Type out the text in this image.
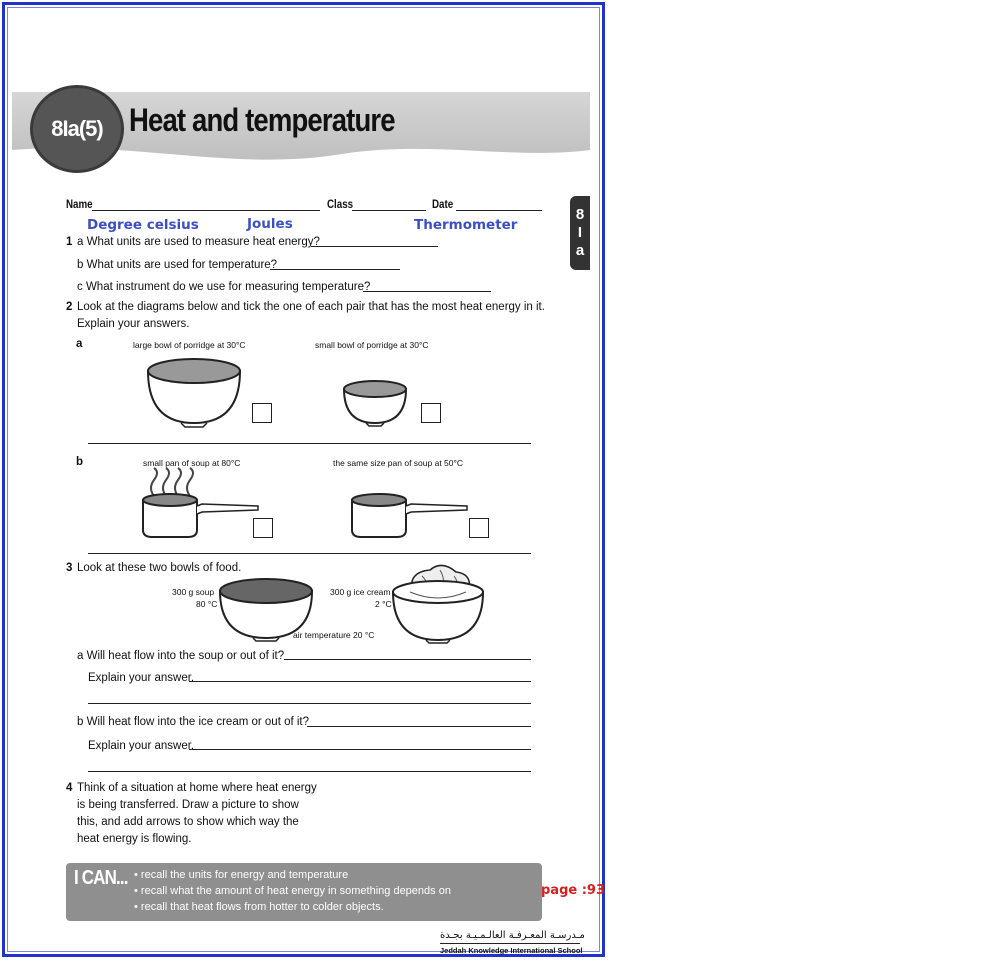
8Ia(5) Heat and temperature
8
I
a
Name	Class	Date
Degree celsius	Joules	Thermometer
1 a What units are used to measure heat energy?
b What units are used for temperature?
c What instrument do we use for measuring temperature?
2 Look at the diagrams below and tick the one of each pair that has the most heat energy in it.
Explain your answers.
a	large bowl of porridge at 30°C	small bowl of porridge at 30°C
b	small pan of soup at 80°C	the same size pan of soup at 50°C
3 Look at these two bowls of food.
300 g soup
80 °C
300 g ice cream
2 °C
air temperature 20 °C
a Will heat flow into the soup or out of it?
Explain your answer.
b Will heat flow into the ice cream or out of it?
Explain your answer.
4 Think of a situation at home where heat energy
is being transferred. Draw a picture to show
this, and add arrows to show which way the
heat energy is flowing.
I CAN... • recall the units for energy and temperature
• recall what the amount of heat energy in something depends on
• recall that heat flows from hotter to colder objects.
page :93
مـدرسـة المعـرفـة العالـمـيـة بجـدة
Jeddah Knowledge International School
